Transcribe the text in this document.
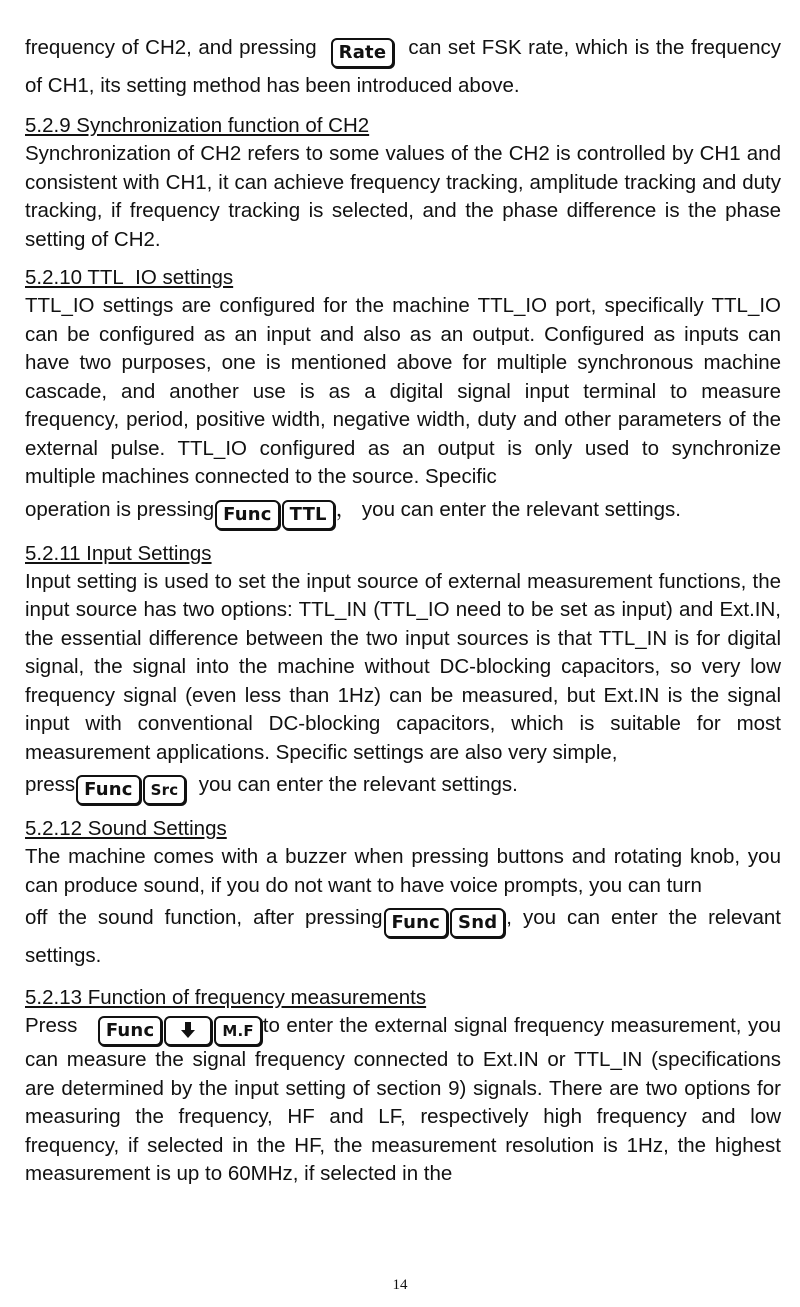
frequency of CH2, and pressing Rate can set FSK rate, which is the frequency of CH1, its setting method has been introduced above.

5.2.9 Synchronization function of CH2

Synchronization of CH2 refers to some values of the CH2 is controlled by CH1 and consistent with CH1, it can achieve frequency tracking, amplitude tracking and duty tracking, if frequency tracking is selected, and the phase difference is the phase setting of CH2.

5.2.10 TTL_IO settings

TTL_IO settings are configured for the machine TTL_IO port, specifically TTL_IO can be configured as an input and also as an output. Configured as inputs can have two purposes, one is mentioned above for multiple synchronous machine cascade, and another use is as a digital signal input terminal to measure frequency, period, positive width, negative width, duty and other parameters of the external pulse. TTL_IO configured as an output is only used to synchronize multiple machines connected to the source. Specific

operation is pressing Func TTL ， you can enter the relevant settings.

5.2.11 Input Settings

Input setting is used to set the input source of external measurement functions, the input source has two options: TTL_IN (TTL_IO need to be set as input) and Ext.IN, the essential difference between the two input sources is that TTL_IN is for digital signal, the signal into the machine without DC-blocking capacitors, so very low frequency signal (even less than 1Hz) can be measured, but Ext.IN is the signal input with conventional DC-blocking capacitors, which is suitable for most measurement applications. Specific settings are also very simple,

press Func Src you can enter the relevant settings.

5.2.12 Sound Settings

The machine comes with a buzzer when pressing buttons and rotating knob, you can produce sound, if you do not want to have voice prompts, you can turn

off the sound function, after pressing Func Snd , you can enter the relevant settings.

5.2.13 Function of frequency measurements

Press Func	M.F to enter the external signal frequency measurement, you can measure the signal frequency connected to Ext.IN or TTL_IN (specifications are determined by the input setting of section 9) signals. There are two options for measuring the frequency, HF and LF, respectively high frequency and low frequency, if selected in the HF, the measurement resolution is 1Hz, the highest measurement is up to 60MHz, if selected in the

14
